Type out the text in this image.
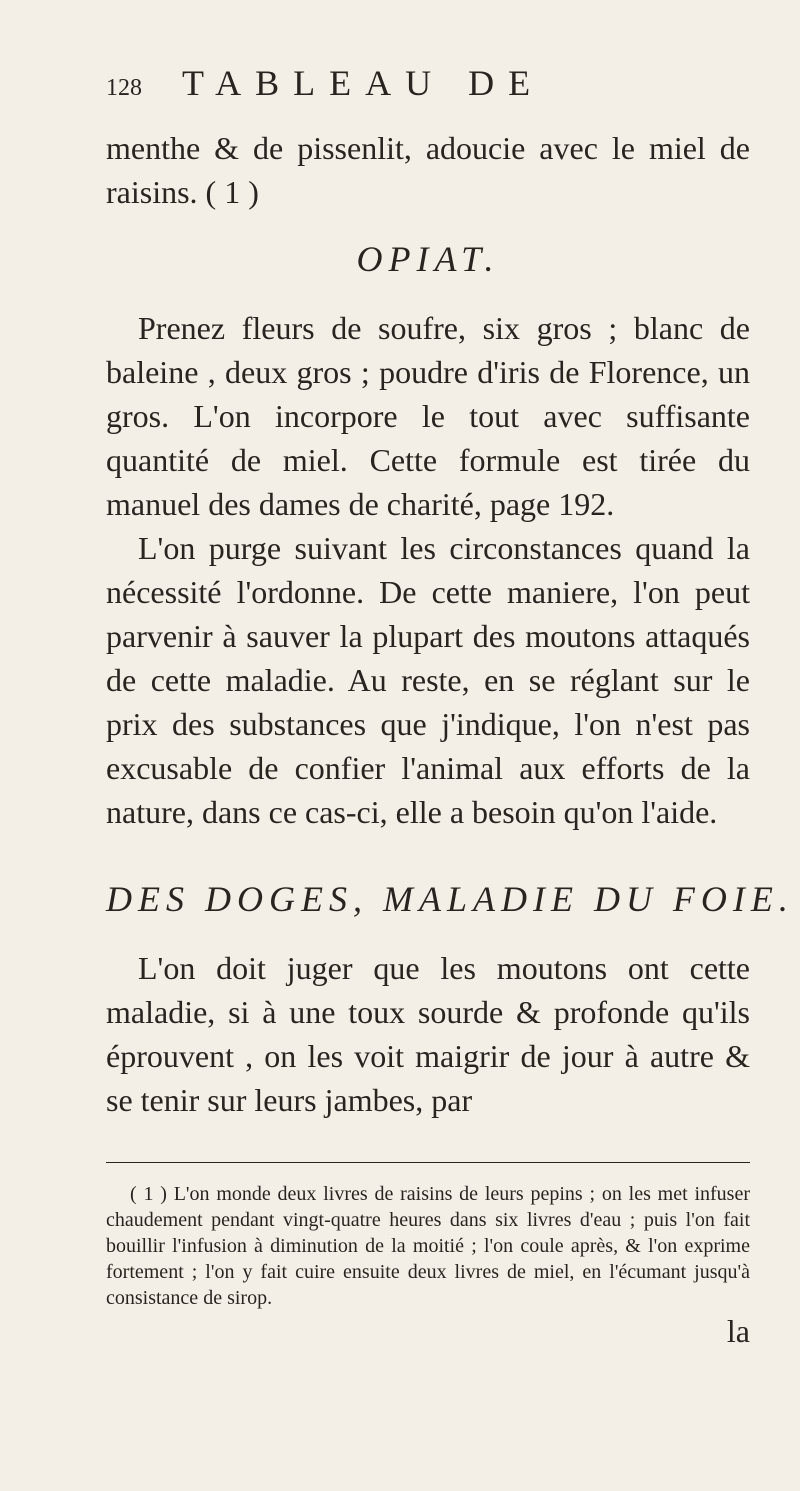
128 TABLEAU DE

menthe & de pissenlit, adoucie avec le miel de raisins. ( 1 )

OPIAT.

Prenez fleurs de soufre, six gros ; blanc de baleine , deux gros ; poudre d'iris de Florence, un gros. L'on incorpore le tout avec suffisante quantité de miel. Cette formule est tirée du manuel des dames de charité, page 192.

L'on purge suivant les circonstances quand la nécessité l'ordonne. De cette maniere, l'on peut parvenir à sauver la plupart des moutons attaqués de cette maladie. Au reste, en se réglant sur le prix des substances que j'indique, l'on n'est pas excusable de confier l'animal aux efforts de la nature, dans ce cas-ci, elle a besoin qu'on l'aide.

DES DOGES, MALADIE DU FOIE.

L'on doit juger que les moutons ont cette maladie, si à une toux sourde & profonde qu'ils éprouvent , on les voit maigrir de jour à autre & se tenir sur leurs jambes, par

( 1 ) L'on monde deux livres de raisins de leurs pepins ; on les met infuser chaudement pendant vingt-quatre heures dans six livres d'eau ; puis l'on fait bouillir l'infusion à diminution de la moitié ; l'on coule après, & l'on exprime fortement ; l'on y fait cuire ensuite deux livres de miel, en l'écumant jusqu'à consistance de sirop.

la
